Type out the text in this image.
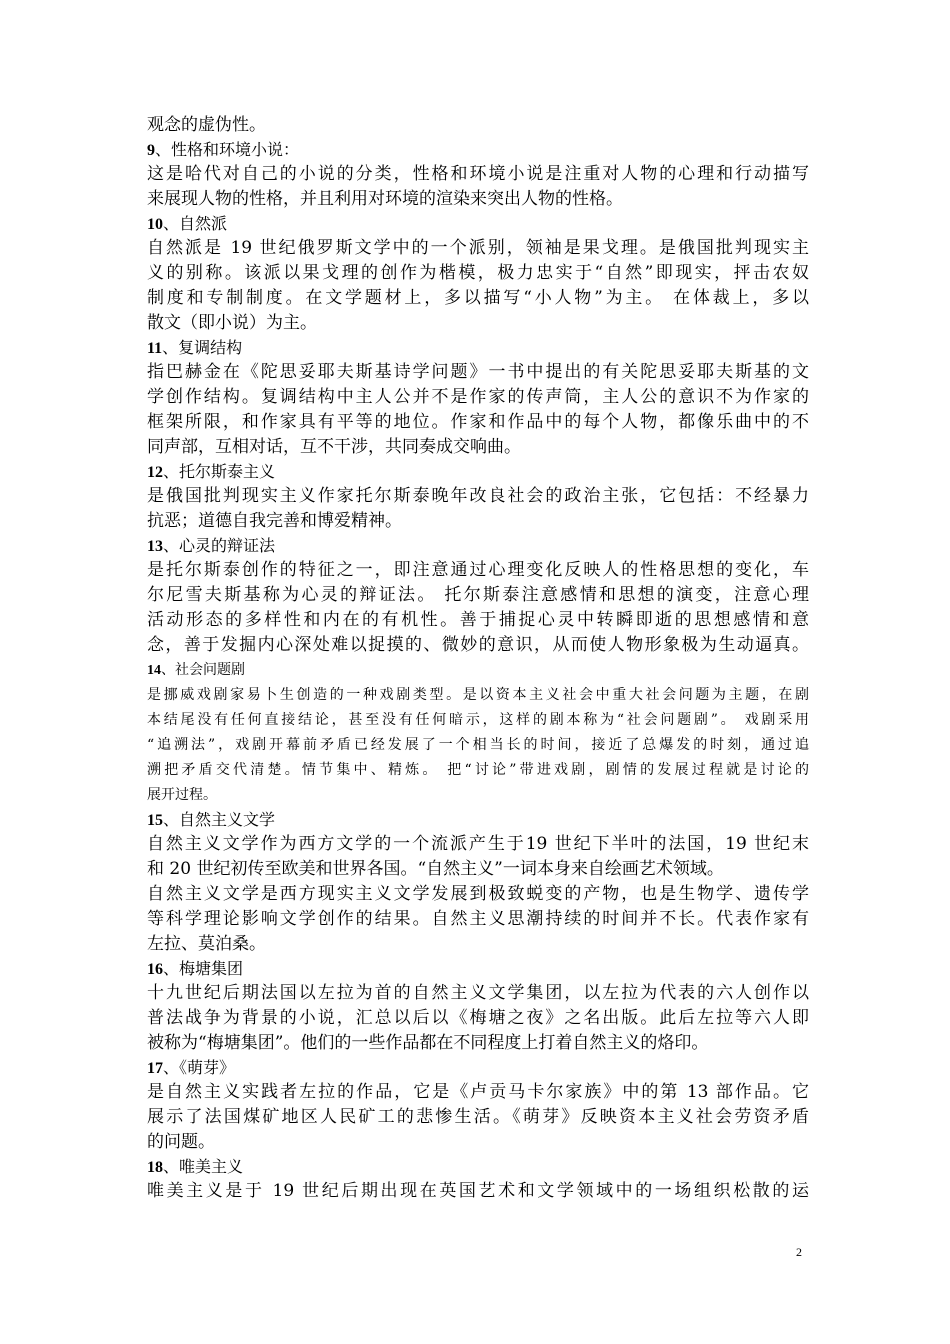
观念的虚伪性。
9、性格和环境小说：
这是哈代对自己的小说的分类，性格和环境小说是注重对人物的心理和行动描写
来展现人物的性格，并且利用对环境的渲染来突出人物的性格。
10、自然派
自然派是 19 世纪俄罗斯文学中的一个派别，领袖是果戈理。是俄国批判现实主
义的别称。该派以果戈理的创作为楷模，极力忠实于“自然”即现实，抨击农奴
制度和专制制度。在文学题材上，多以描写“小人物”为主。 在体裁上，多以
散文（即小说）为主。
11、复调结构
指巴赫金在《陀思妥耶夫斯基诗学问题》一书中提出的有关陀思妥耶夫斯基的文
学创作结构。复调结构中主人公并不是作家的传声筒，主人公的意识不为作家的
框架所限，和作家具有平等的地位。作家和作品中的每个人物，都像乐曲中的不
同声部，互相对话，互不干涉，共同奏成交响曲。
12、托尔斯泰主义
是俄国批判现实主义作家托尔斯泰晚年改良社会的政治主张，它包括：不经暴力
抗恶；道德自我完善和博爱精神。
13、心灵的辩证法
是托尔斯泰创作的特征之一，即注意通过心理变化反映人的性格思想的变化，车
尔尼雪夫斯基称为心灵的辩证法。 托尔斯泰注意感情和思想的演变，注意心理
活动形态的多样性和内在的有机性。善于捕捉心灵中转瞬即逝的思想感情和意
念，善于发掘内心深处难以捉摸的、微妙的意识，从而使人物形象极为生动逼真。
14、社会问题剧
是挪威戏剧家易卜生创造的一种戏剧类型。是以资本主义社会中重大社会问题为主题，在剧
本结尾没有任何直接结论，甚至没有任何暗示，这样的剧本称为“社会问题剧”。 戏剧采用
“追溯法”，戏剧开幕前矛盾已经发展了一个相当长的时间，接近了总爆发的时刻，通过追
溯把矛盾交代清楚。情节集中、精炼。 把“讨论”带进戏剧，剧情的发展过程就是讨论的
展开过程。
15、自然主义文学
自然主义文学作为西方文学的一个流派产生于19 世纪下半叶的法国，19 世纪末
和 20 世纪初传至欧美和世界各国。“自然主义”一词本身来自绘画艺术领域。
自然主义文学是西方现实主义文学发展到极致蜕变的产物，也是生物学、遗传学
等科学理论影响文学创作的结果。自然主义思潮持续的时间并不长。代表作家有
左拉、莫泊桑。
16、梅塘集团
十九世纪后期法国以左拉为首的自然主义文学集团，以左拉为代表的六人创作以
普法战争为背景的小说，汇总以后以《梅塘之夜》之名出版。此后左拉等六人即
被称为“梅塘集团”。他们的一些作品都在不同程度上打着自然主义的烙印。
17、《萌芽》
是自然主义实践者左拉的作品，它是《卢贡马卡尔家族》中的第 13 部作品。它
展示了法国煤矿地区人民矿工的悲惨生活。《萌芽》反映资本主义社会劳资矛盾
的问题。
18、唯美主义
唯美主义是于 19 世纪后期出现在英国艺术和文学领域中的一场组织松散的运
2
